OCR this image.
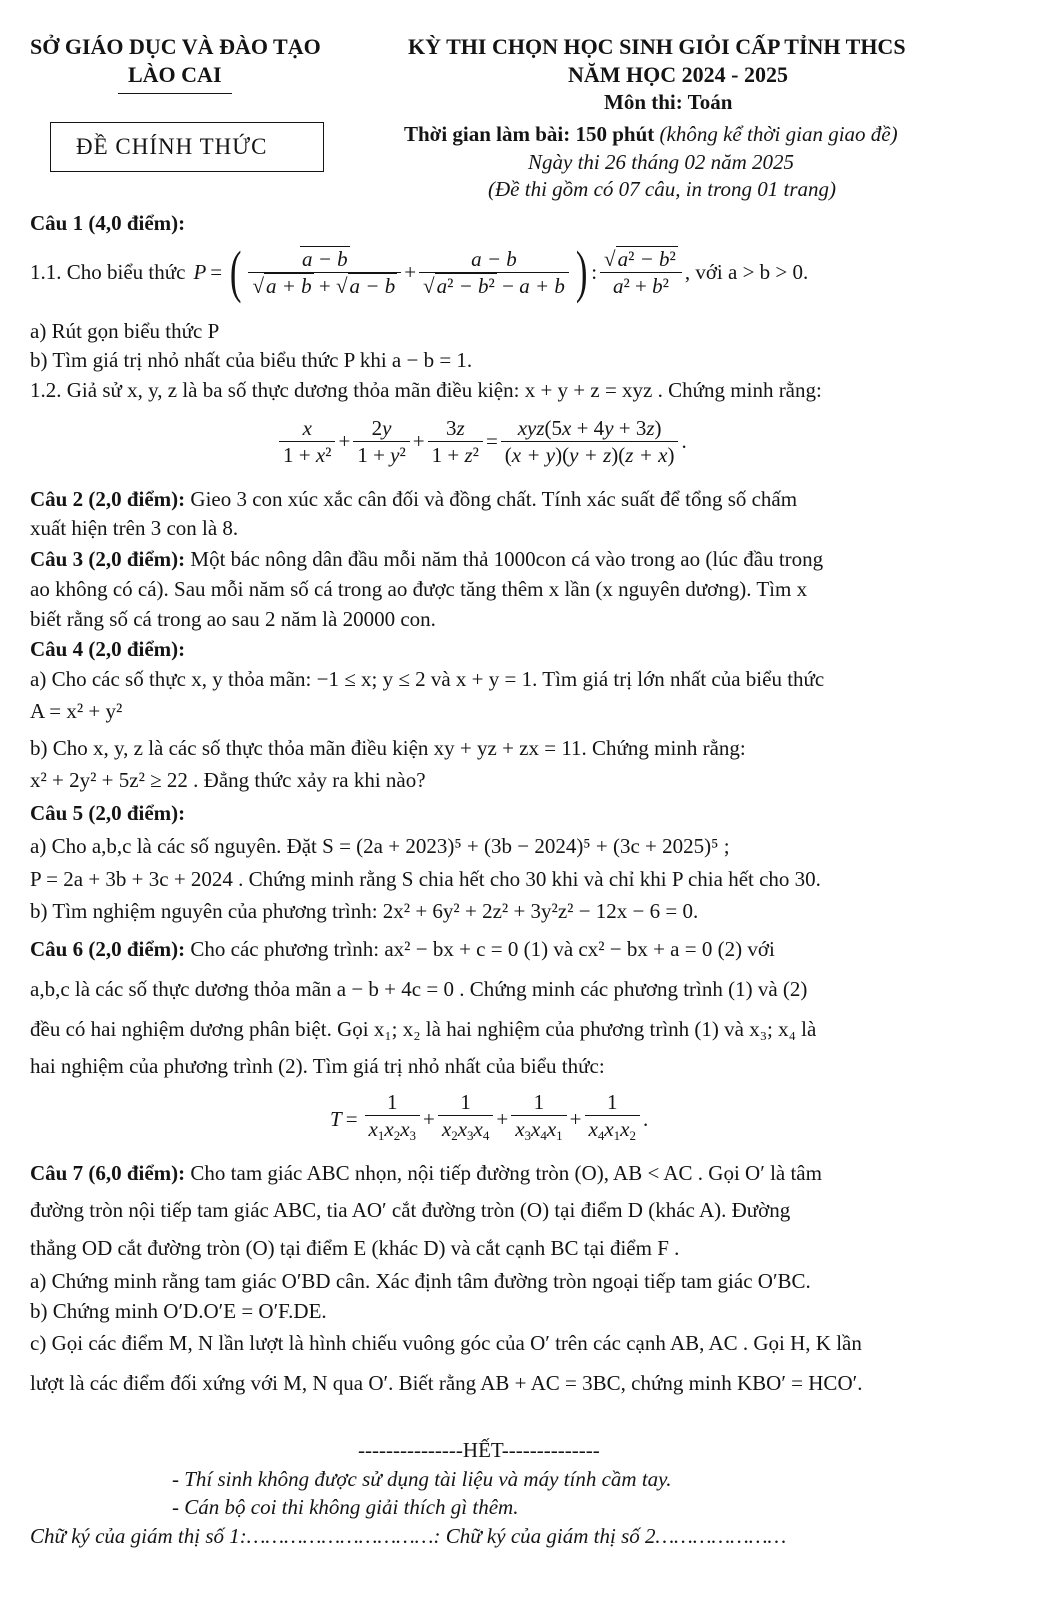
SỞ GIÁO DỤC VÀ ĐÀO TẠO
LÀO CAI
KỲ THI CHỌN HỌC SINH GIỎI CẤP TỈNH THCS
NĂM HỌC 2024 - 2025
Môn thi: Toán
ĐỀ CHÍNH THỨC	Thời gian làm bài: 150 phút (không kể thời gian giao đề)
Ngày thi 26 tháng 02 năm 2025
(Đề thi gồm có 07 câu, in trong 01 trang)
Câu 1 (4,0 điểm):
1.1. Cho biểu thức P = ( $\frac{a - b}{√a + b + √a - b} + \frac{a - b}{\text{√a² − b² − a + b}}$ ) : $\frac{\text{√a² − b²}}{\text{a² + b²}}$ , với a > b > 0.
a) Rút gọn biểu thức P
b) Tìm giá trị nhỏ nhất của biểu thức P khi a − b = 1.
1.2. Giả sử x, y, z là ba số thực dương thỏa mãn điều kiện: x + y + z = xyz . Chứng minh rằng:
$\frac{x}{\text{1 + x²}} + \frac{2y}{\text{1 + y²}} + \frac{3z}{\text{1 + z²}} = \frac{\text{xyz(5x + 4y + 3z)}}{(x + y)(y + z)(z + x)}$ .
Câu 2 (2,0 điểm): Gieo 3 con xúc xắc cân đối và đồng chất. Tính xác suất để tổng số chấm
xuất hiện trên 3 con là 8.
Câu 3 (2,0 điểm): Một bác nông dân đầu mỗi năm thả 1000con cá vào trong ao (lúc đầu trong
ao không có cá). Sau mỗi năm số cá trong ao được tăng thêm x lần (x nguyên dương). Tìm x
biết rằng số cá trong ao sau 2 năm là 20000 con.
Câu 4 (2,0 điểm):
a) Cho các số thực x, y thỏa mãn: −1 ≤ x; y ≤ 2 và x + y = 1. Tìm giá trị lớn nhất của biểu thức
A = x² + y²
b) Cho x, y, z là các số thực thỏa mãn điều kiện xy + yz + zx = 11. Chứng minh rằng:
x² + 2y² + 5z² ≥ 22 . Đẳng thức xảy ra khi nào?
Câu 5 (2,0 điểm):
a) Cho a,b,c là các số nguyên. Đặt S = (2a + 2023)⁵ + (3b − 2024)⁵ + (3c + 2025)⁵ ;
P = 2a + 3b + 3c + 2024 . Chứng minh rằng S chia hết cho 30 khi và chỉ khi P chia hết cho 30.
b) Tìm nghiệm nguyên của phương trình: 2x² + 6y² + 2z² + 3y²z² − 12x − 6 = 0.
Câu 6 (2,0 điểm): Cho các phương trình: ax² − bx + c = 0 (1) và cx² − bx + a = 0 (2) với
a,b,c là các số thực dương thỏa mãn a − b + 4c = 0 . Chứng minh các phương trình (1) và (2)
đều có hai nghiệm dương phân biệt. Gọi x₁; x₂ là hai nghiệm của phương trình (1) và x₃; x₄ là
hai nghiệm của phương trình (2). Tìm giá trị nhỏ nhất của biểu thức:
$T = \frac{1}{x_1x_2x_3} + \frac{1}{x_2x_3x_4} + \frac{1}{x_3x_4x_1} + \frac{1}{x_4x_1x_2}$ .
Câu 7 (6,0 điểm): Cho tam giác ABC nhọn, nội tiếp đường tròn (O), AB < AC . Gọi O′ là tâm
đường tròn nội tiếp tam giác ABC, tia AO′ cắt đường tròn (O) tại điểm D (khác A). Đường
thẳng OD cắt đường tròn (O) tại điểm E (khác D) và cắt cạnh BC tại điểm F .
a) Chứng minh rằng tam giác O′BD cân. Xác định tâm đường tròn ngoại tiếp tam giác O′BC.
b) Chứng minh O′D.O′E = O′F.DE.
c) Gọi các điểm M, N lần lượt là hình chiếu vuông góc của O′ trên các cạnh AB, AC . Gọi H, K lần
lượt là các điểm đối xứng với M, N qua O′. Biết rằng AB + AC = 3BC, chứng minh KBO′ = HCO′.
---------------HẾT--------------
- Thí sinh không được sử dụng tài liệu và máy tính cầm tay.
- Cán bộ coi thi không giải thích gì thêm.
Chữ ký của giám thị số 1:…………………………: Chữ ký của giám thị số 2…………………
